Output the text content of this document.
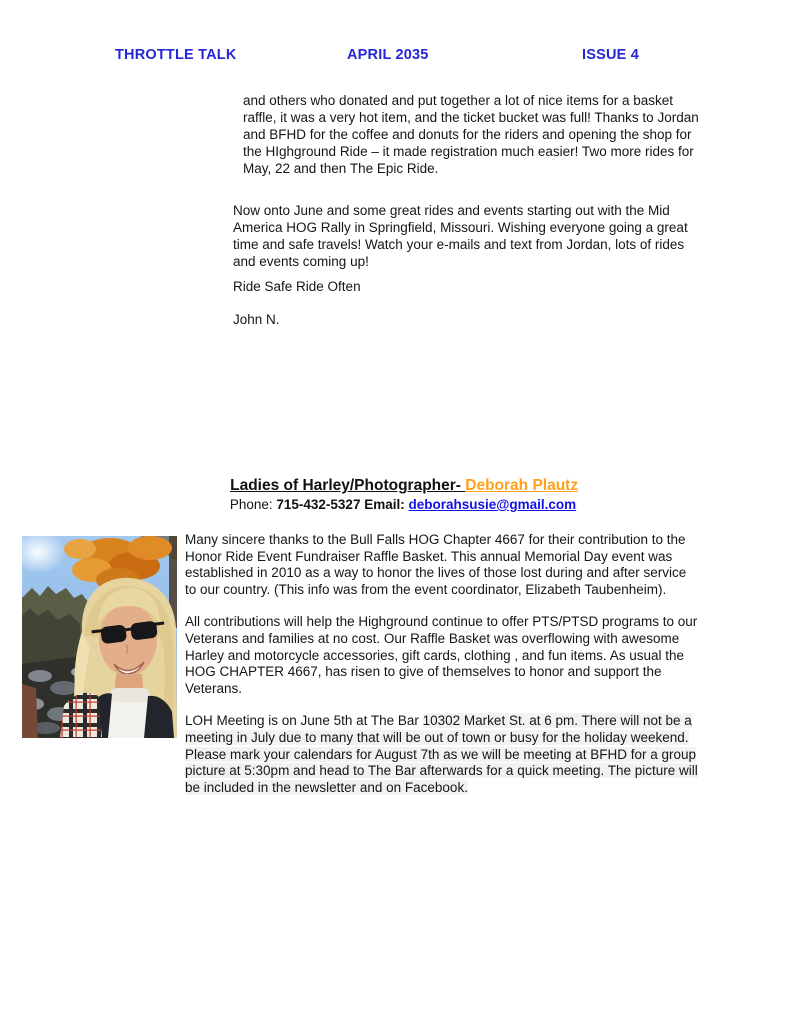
THROTTLE TALK	APRIL 2035	ISSUE 4
and others who donated and put together a lot of nice items for a basket raffle, it was a very hot item, and the ticket bucket was full! Thanks to Jordan and BFHD for the coffee and donuts for the riders and opening the shop for the HIghground Ride – it made registration much easier! Two more rides for May, 22 and then The Epic Ride.
Now onto June and some great rides and events starting out with the Mid America HOG Rally in Springfield, Missouri. Wishing everyone going a great time and safe travels! Watch your e-mails and text from Jordan, lots of rides and events coming up!
Ride Safe Ride Often
John N.

Ladies of Harley/Photographer- Deborah Plautz

Phone: 715-432-5327 Email: deborahsusie@gmail.com

Many sincere thanks to the Bull Falls HOG Chapter 4667 for their contribution to the Honor Ride Event Fundraiser Raffle Basket. This annual Memorial Day event was established in 2010 as a way to honor the lives of those lost during and after service to our country. (This info was from the event coordinator, Elizabeth Taubenheim).

All contributions will help the Highground continue to offer PTS/PTSD programs to our Veterans and families at no cost. Our Raffle Basket was overflowing with awesome Harley and motorcycle accessories, gift cards, clothing , and fun items. As usual the HOG CHAPTER 4667, has risen to give of themselves to honor and support the Veterans.

LOH Meeting is on June 5th at The Bar 10302 Market St. at 6 pm. There will not be a meeting in July due to many that will be out of town or busy for the holiday weekend. Please mark your calendars for August 7th as we will be meeting at BFHD for a group picture at 5:30pm and head to The Bar afterwards for a quick meeting. The picture will be included in the newsletter and on Facebook.
